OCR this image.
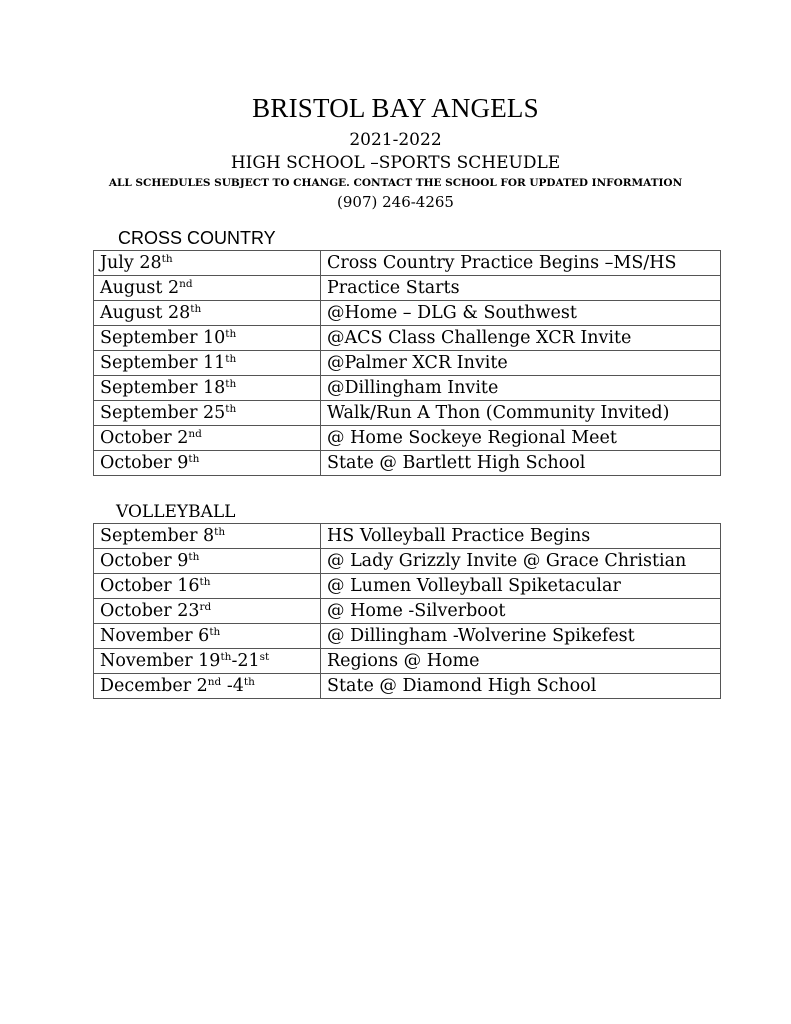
BRISTOL BAY ANGELS
2021-2022
HIGH SCHOOL –SPORTS SCHEUDLE
ALL SCHEDULES SUBJECT TO CHANGE. CONTACT THE SCHOOL FOR UPDATED INFORMATION
(907) 246-4265
CROSS COUNTRY
July 28th	Cross Country Practice Begins –MS/HS
August 2nd	Practice Starts
August 28th	@Home – DLG & Southwest
September 10th	@ACS Class Challenge XCR Invite
September 11th	@Palmer XCR Invite
September 18th	@Dillingham Invite
September 25th	Walk/Run A Thon (Community Invited)
October 2nd	@ Home Sockeye Regional Meet
October 9th	State @ Bartlett High School
VOLLEYBALL
September 8th	HS Volleyball Practice Begins
October 9th	@ Lady Grizzly Invite @ Grace Christian
October 16th	@ Lumen Volleyball Spiketacular
October 23rd	@ Home -Silverboot
November 6th	@ Dillingham -Wolverine Spikefest
November 19th-21st	Regions @ Home
December 2nd -4th	State @ Diamond High School
